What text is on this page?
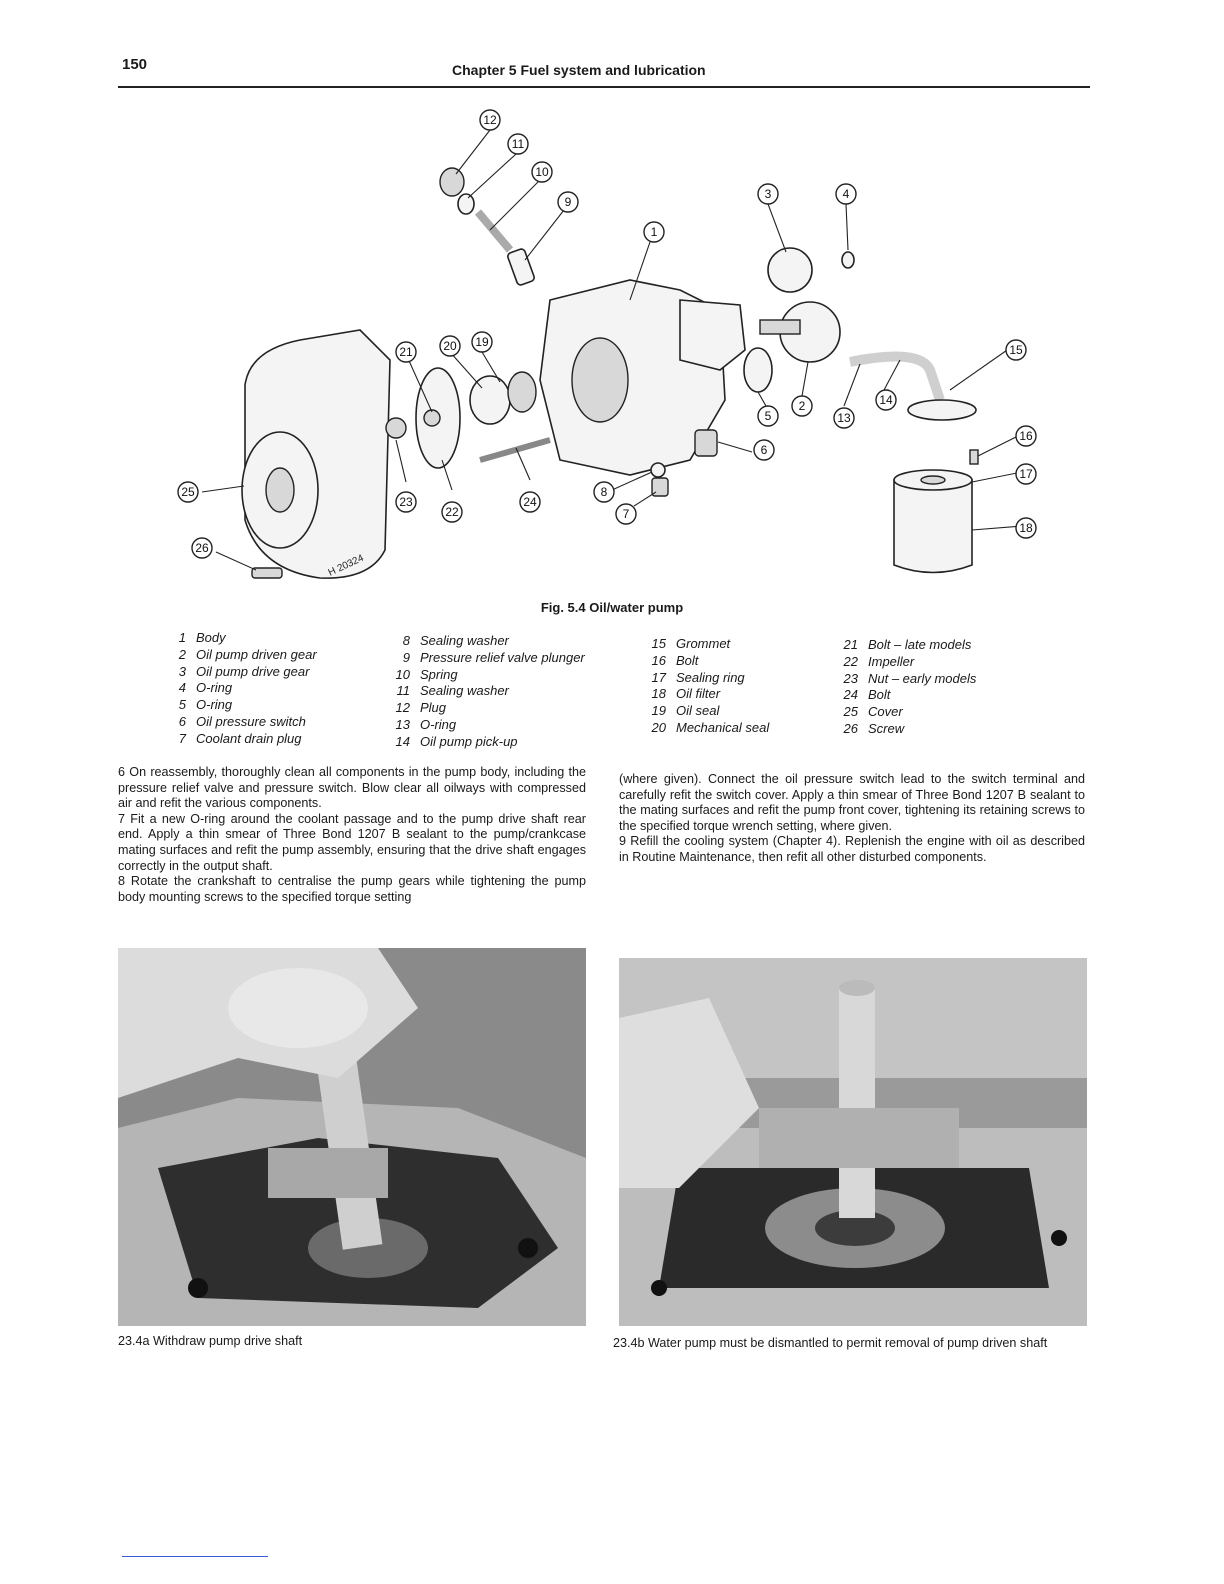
150	Chapter 5 Fuel system and lubrication
1
2
3	4
5
6
7
8
9
10
11
12
13
14
15
16
17
18
19
20
21
22
23	24
25
26
H 20324
Fig. 5.4 Oil/water pump
1 Body
2 Oil pump driven gear
3 Oil pump drive gear
4 O-ring
5 O-ring
6 Oil pressure switch
7 Coolant drain plug
8 Sealing washer
9 Pressure relief valve plunger
10 Spring
11 Sealing washer
12 Plug
13 O-ring
14 Oil pump pick-up
15 Grommet
16 Bolt
17 Sealing ring
18 Oil filter
19 Oil seal
20 Mechanical seal
21 Bolt – late models
22 Impeller
23 Nut – early models
24 Bolt
25 Cover
26 Screw

6 On reassembly, thoroughly clean all components in the pump body, including the pressure relief valve and pressure switch. Blow clear all oilways with compressed air and refit the various components.

7 Fit a new O-ring around the coolant passage and to the pump drive shaft rear end. Apply a thin smear of Three Bond 1207 B sealant to the pump/crankcase mating surfaces and refit the pump assembly, ensuring that the drive shaft engages correctly in the output shaft.

8 Rotate the crankshaft to centralise the pump gears while tightening the pump body mounting screws to the specified torque setting

(where given). Connect the oil pressure switch lead to the switch terminal and carefully refit the switch cover. Apply a thin smear of Three Bond 1207 B sealant to the mating surfaces and refit the pump front cover, tightening its retaining screws to the specified torque wrench setting, where given.

9 Refill the cooling system (Chapter 4). Replenish the engine with oil as described in Routine Maintenance, then refit all other disturbed components.

23.4a Withdraw pump drive shaft	23.4b Water pump must be dismantled to permit removal of pump driven shaft
